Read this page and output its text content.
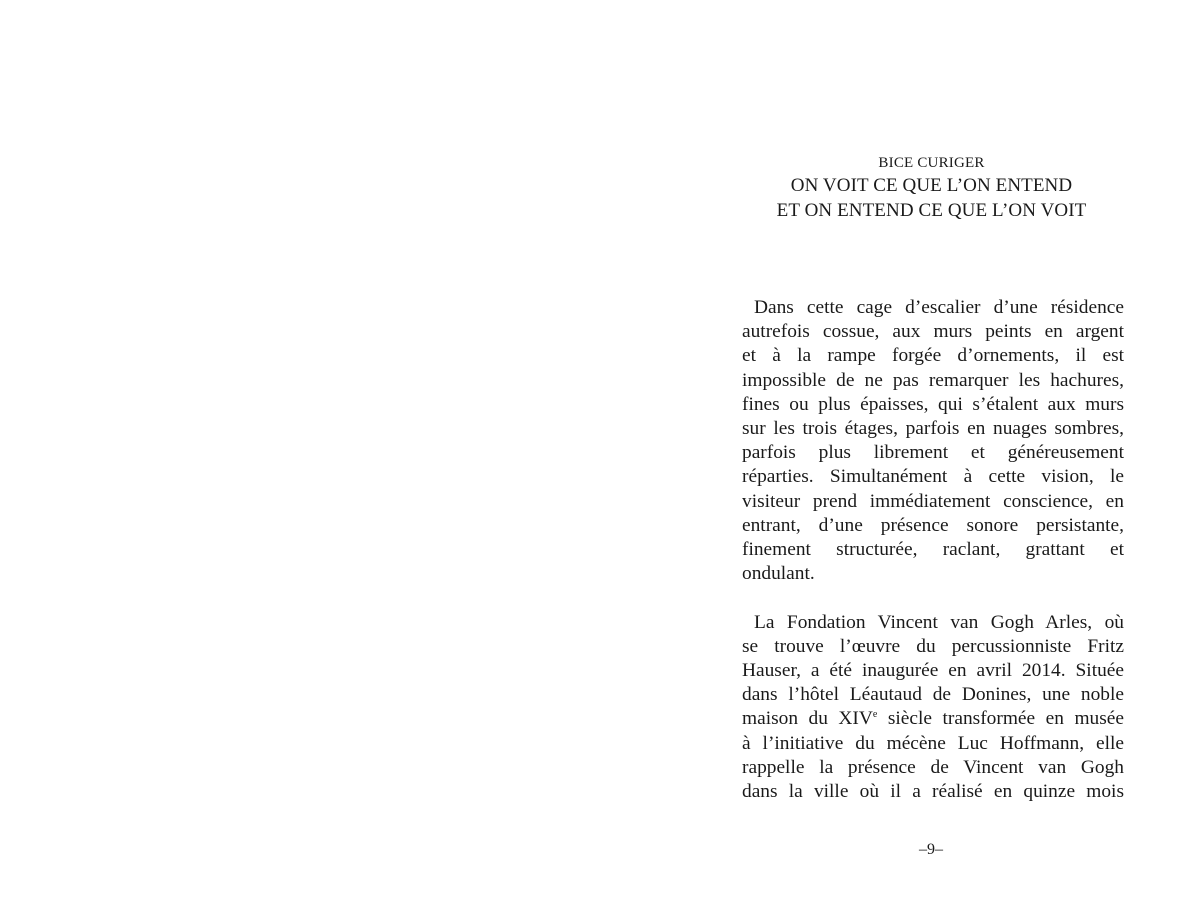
BICE CURIGER
ON VOIT CE QUE L’ON ENTEND
ET ON ENTEND CE QUE L’ON VOIT
Dans cette cage d’escalier d’une résidence
autrefois cossue, aux murs peints en argent
et à la rampe forgée d’ornements, il est
impossible de ne pas remarquer les hachures,
fines ou plus épaisses, qui s’étalent aux murs
sur les trois étages, parfois en nuages sombres,
parfois plus librement et généreusement
réparties. Simultanément à cette vision, le
visiteur prend immédiatement conscience, en
entrant, d’une présence sonore persistante,
finement structurée, raclant, grattant et
ondulant.
La Fondation Vincent van Gogh Arles, où
se trouve l’œuvre du percussionniste Fritz
Hauser, a été inaugurée en avril 2014. Située
dans l’hôtel Léautaud de Donines, une noble
maison du XIVe siècle transformée en musée
à l’initiative du mécène Luc Hoffmann, elle
rappelle la présence de Vincent van Gogh
dans la ville où il a réalisé en quinze mois
–9–
